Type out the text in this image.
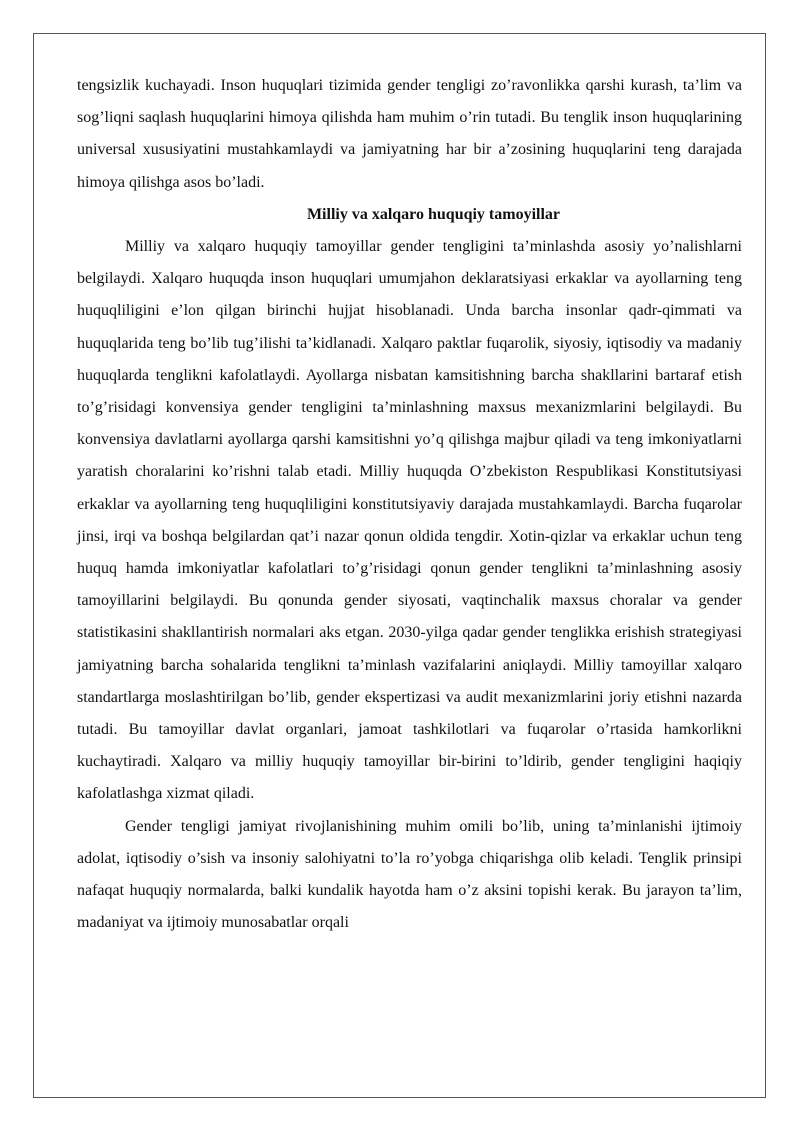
tengsizlik kuchayadi. Inson huquqlari tizimida gender tengligi zo’ravonlikka qarshi kurash, ta’lim va sog’liqni saqlash huquqlarini himoya qilishda ham muhim o’rin tutadi. Bu tenglik inson huquqlarining universal xususiyatini mustahkamlaydi va jamiyatning har bir a’zosining huquqlarini teng darajada himoya qilishga asos bo’ladi.

Milliy va xalqaro huquqiy tamoyillar

Milliy va xalqaro huquqiy tamoyillar gender tengligini ta’minlashda asosiy yo’nalishlarni belgilaydi. Xalqaro huquqda inson huquqlari umumjahon deklaratsiyasi erkaklar va ayollarning teng huquqliligini e’lon qilgan birinchi hujjat hisoblanadi. Unda barcha insonlar qadr-qimmati va huquqlarida teng bo’lib tug’ilishi ta’kidlanadi. Xalqaro paktlar fuqarolik, siyosiy, iqtisodiy va madaniy huquqlarda tenglikni kafolatlaydi. Ayollarga nisbatan kamsitishning barcha shakllarini bartaraf etish to’g’risidagi konvensiya gender tengligini ta’minlashning maxsus mexanizmlarini belgilaydi. Bu konvensiya davlatlarni ayollarga qarshi kamsitishni yo’q qilishga majbur qiladi va teng imkoniyatlarni yaratish choralarini ko’rishni talab etadi. Milliy huquqda O’zbekiston Respublikasi Konstitutsiyasi erkaklar va ayollarning teng huquqliligini konstitutsiyaviy darajada mustahkamlaydi. Barcha fuqarolar jinsi, irqi va boshqa belgilardan qat’i nazar qonun oldida tengdir. Xotin-qizlar va erkaklar uchun teng huquq hamda imkoniyatlar kafolatlari to’g’risidagi qonun gender tenglikni ta’minlashning asosiy tamoyillarini belgilaydi. Bu qonunda gender siyosati, vaqtinchalik maxsus choralar va gender statistikasini shakllantirish normalari aks etgan. 2030-yilga qadar gender tenglikka erishish strategiyasi jamiyatning barcha sohalarida tenglikni ta’minlash vazifalarini aniqlaydi. Milliy tamoyillar xalqaro standartlarga moslashtirilgan bo’lib, gender ekspertizasi va audit mexanizmlarini joriy etishni nazarda tutadi. Bu tamoyillar davlat organlari, jamoat tashkilotlari va fuqarolar o’rtasida hamkorlikni kuchaytiradi. Xalqaro va milliy huquqiy tamoyillar bir-birini to’ldirib, gender tengligini haqiqiy kafolatlashga xizmat qiladi.

Gender tengligi jamiyat rivojlanishining muhim omili bo’lib, uning ta’minlanishi ijtimoiy adolat, iqtisodiy o’sish va insoniy salohiyatni to’la ro’yobga chiqarishga olib keladi. Tenglik prinsipi nafaqat huquqiy normalarda, balki kundalik hayotda ham o’z aksini topishi kerak. Bu jarayon ta’lim, madaniyat va ijtimoiy munosabatlar orqali
